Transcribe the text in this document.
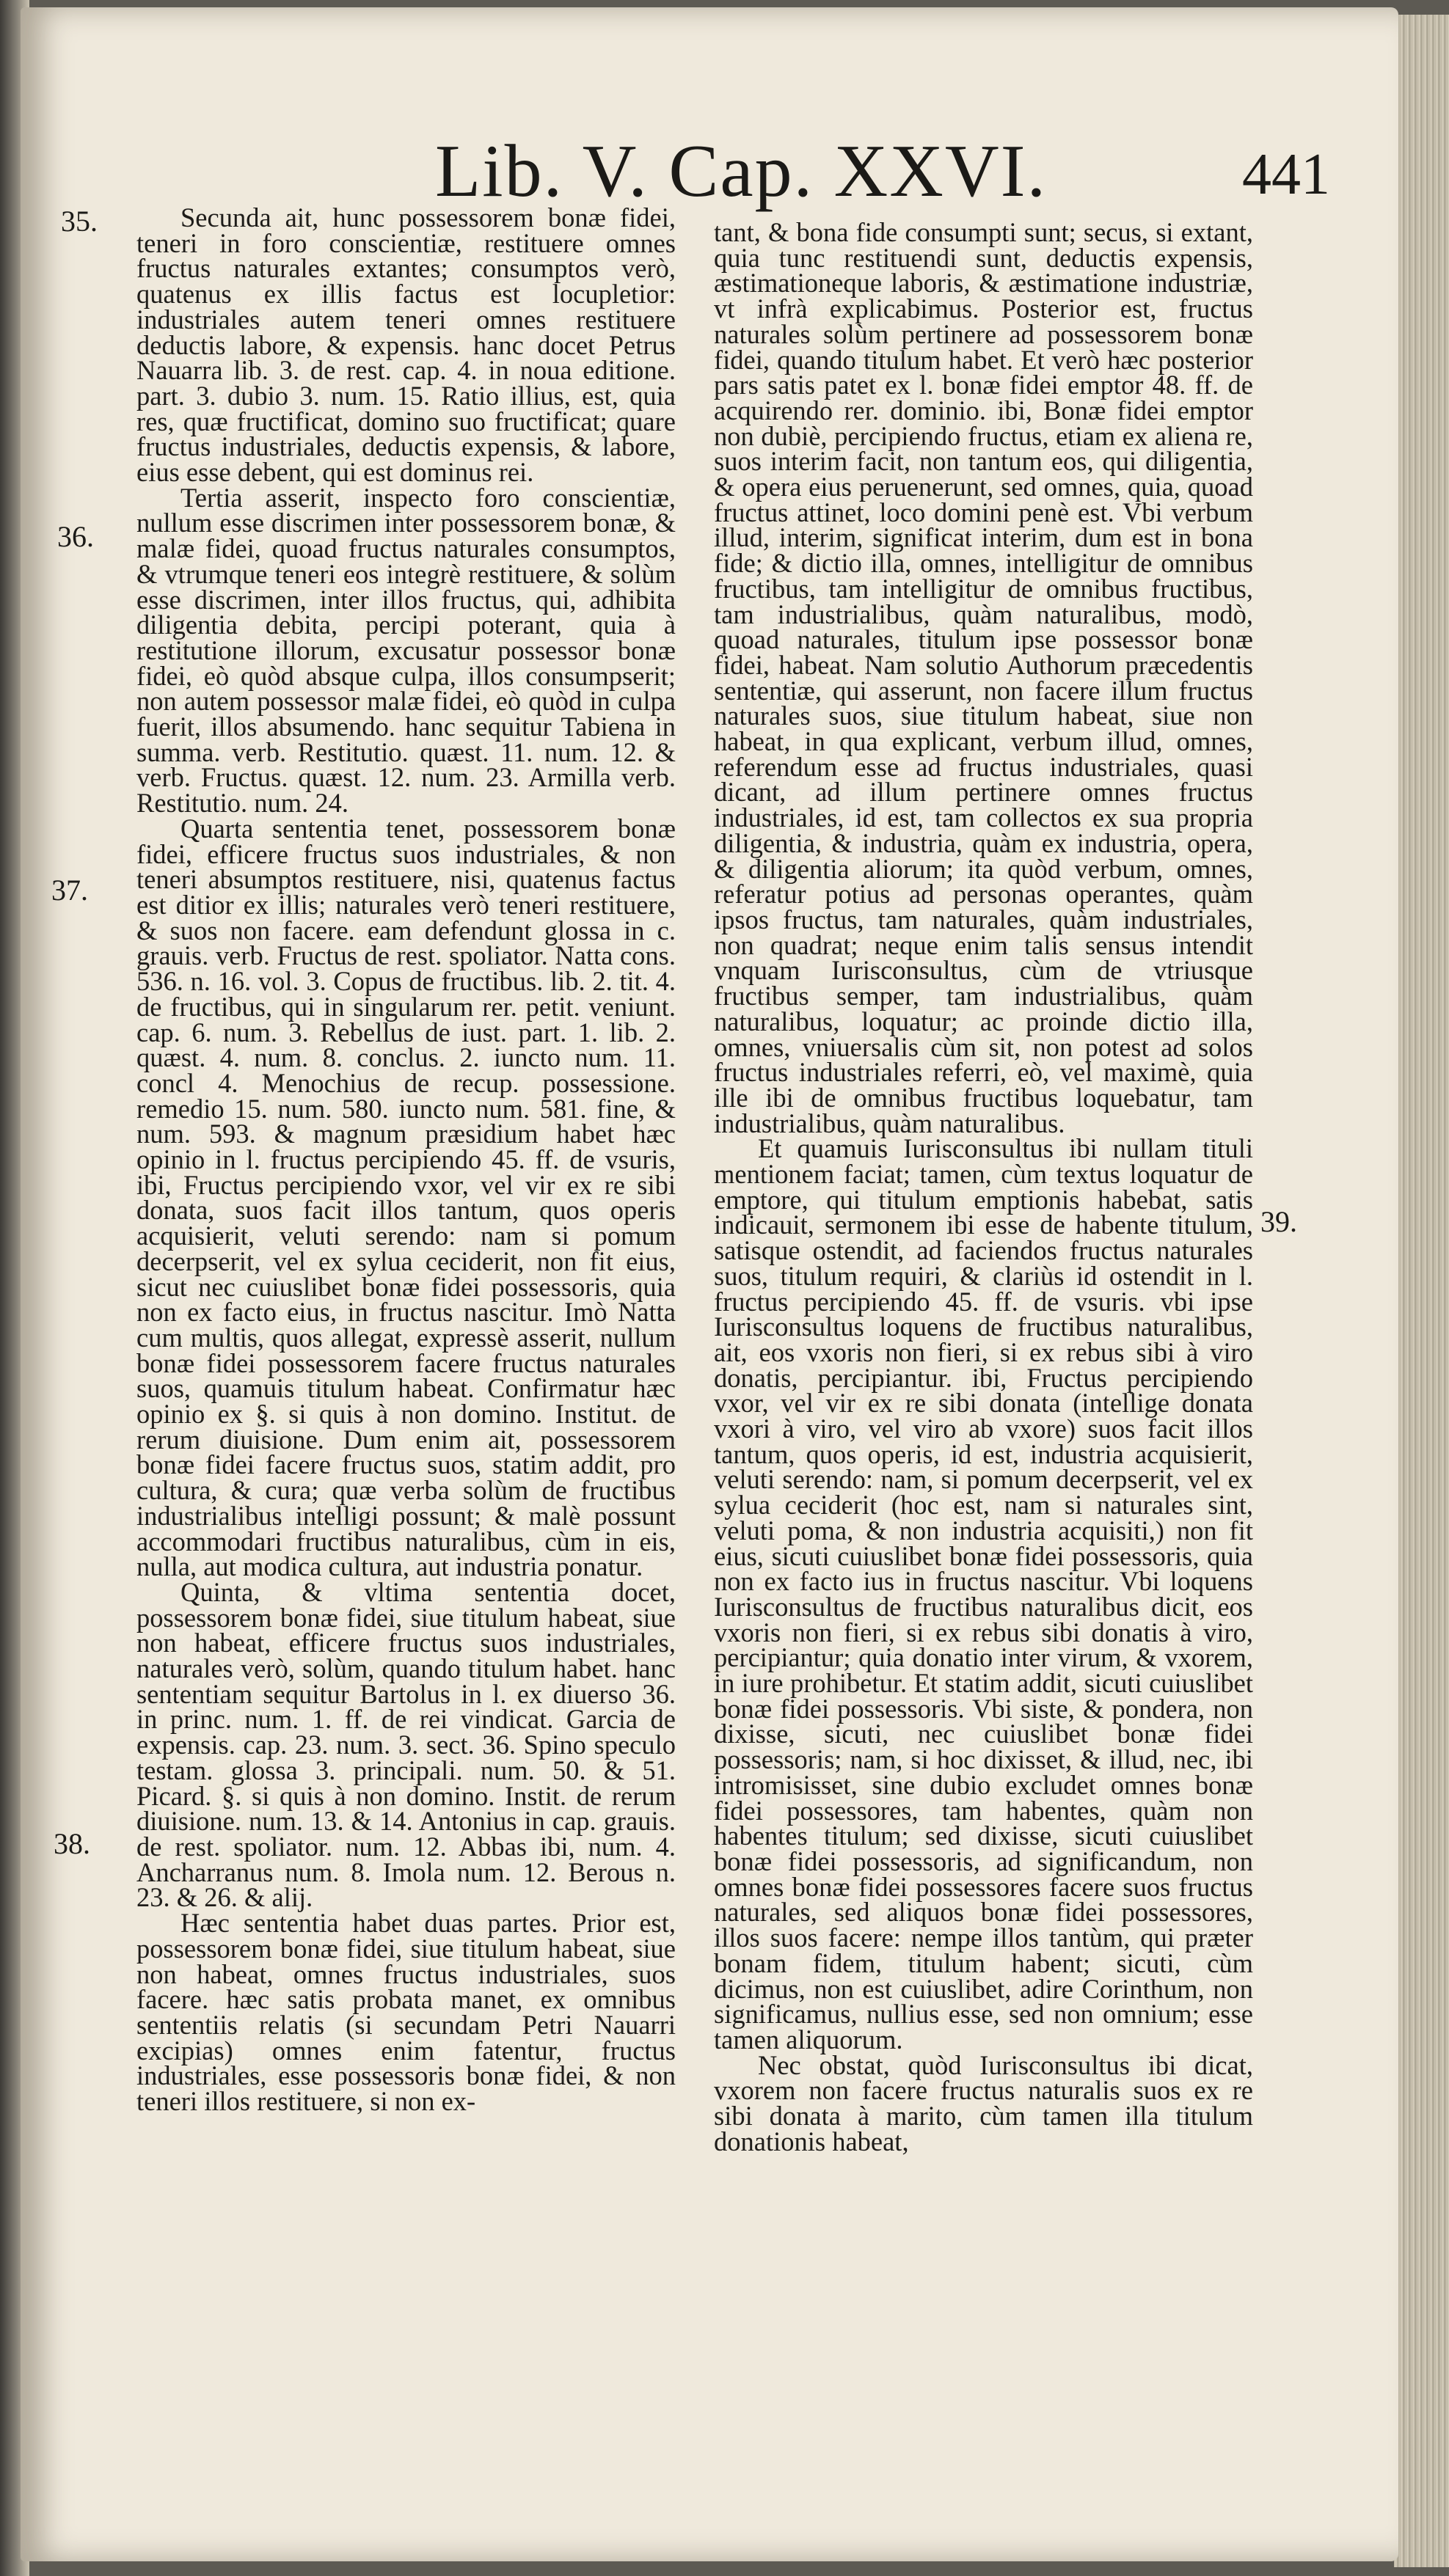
Lib. V. Cap. XXVI.	441
35.
36.
37.
38.
39.

Secunda ait, hunc possessorem bonæ fidei, teneri in foro conscientiæ, restituere omnes fructus naturales extantes; consumptos verò, quatenus ex illis factus est locupletior: industriales autem teneri omnes restituere deductis labore, & expensis. hanc docet Petrus Nauarra lib. 3. de rest. cap. 4. in noua editione. part. 3. dubio 3. num. 15. Ratio illius, est, quia res, quæ fructificat, domino suo fructificat; quare fructus industriales, deductis expensis, & labore, eius esse debent, qui est dominus rei.

Tertia asserit, inspecto foro conscientiæ, nullum esse discrimen inter possessorem bonæ, & malæ fidei, quoad fructus naturales consumptos, & vtrumque teneri eos integrè restituere, & solùm esse discrimen, inter illos fructus, qui, adhibita diligentia debita, percipi poterant, quia à restitutione illorum, excusatur possessor bonæ fidei, eò quòd absque culpa, illos consumpserit; non autem possessor malæ fidei, eò quòd in culpa fuerit, illos absumendo. hanc sequitur Tabiena in summa. verb. Restitutio. quæst. 11. num. 12. & verb. Fructus. quæst. 12. num. 23. Armilla verb. Restitutio. num. 24.

Quarta sententia tenet, possessorem bonæ fidei, efficere fructus suos industriales, & non teneri absumptos restituere, nisi, quatenus factus est ditior ex illis; naturales verò teneri restituere, & suos non facere. eam defendunt glossa in c. grauis. verb. Fructus de rest. spoliator. Natta cons. 536. n. 16. vol. 3. Copus de fructibus. lib. 2. tit. 4. de fructibus, qui in singularum rer. petit. veniunt. cap. 6. num. 3. Rebellus de iust. part. 1. lib. 2. quæst. 4. num. 8. conclus. 2. iuncto num. 11. concl 4. Menochius de recup. possessione. remedio 15. num. 580. iuncto num. 581. fine, & num. 593. & magnum præsidium habet hæc opinio in l. fructus percipiendo 45. ff. de vsuris, ibi, Fructus percipiendo vxor, vel vir ex re sibi donata, suos facit illos tantum, quos operis acquisierit, veluti serendo: nam si pomum decerpserit, vel ex sylua ceciderit, non fit eius, sicut nec cuiuslibet bonæ fidei possessoris, quia non ex facto eius, in fructus nascitur. Imò Natta cum multis, quos allegat, expressè asserit, nullum bonæ fidei possessorem facere fructus naturales suos, quamuis titulum habeat. Confirmatur hæc opinio ex §. si quis à non domino. Institut. de rerum diuisione. Dum enim ait, possessorem bonæ fidei facere fructus suos, statim addit, pro cultura, & cura; quæ verba solùm de fructibus industrialibus intelligi possunt; & malè possunt accommodari fructibus naturalibus, cùm in eis, nulla, aut modica cultura, aut industria ponatur.

Quinta, & vltima sententia docet, possessorem bonæ fidei, siue titulum habeat, siue non habeat, efficere fructus suos industriales, naturales verò, solùm, quando titulum habet. hanc sententiam sequitur Bartolus in l. ex diuerso 36. in princ. num. 1. ff. de rei vindicat. Garcia de expensis. cap. 23. num. 3. sect. 36. Spino speculo testam. glossa 3. principali. num. 50. & 51. Picard. §. si quis à non domino. Instit. de rerum diuisione. num. 13. & 14. Antonius in cap. grauis. de rest. spoliator. num. 12. Abbas ibi, num. 4. Ancharranus num. 8. Imola num. 12. Berous n. 23. & 26. & alij.

Hæc sententia habet duas partes. Prior est, possessorem bonæ fidei, siue titulum habeat, siue non habeat, omnes fructus industriales, suos facere. hæc satis probata manet, ex omnibus sententiis relatis (si secundam Petri Nauarri excipias) omnes enim fatentur, fructus industriales, esse possessoris bonæ fidei, & non teneri illos restituere, si non ex-

tant, & bona fide consumpti sunt; secus, si extant, quia tunc restituendi sunt, deductis expensis, æstimationeque laboris, & æstimatione industriæ, vt infrà explicabimus. Posterior est, fructus naturales solùm pertinere ad possessorem bonæ fidei, quando titulum habet. Et verò hæc posterior pars satis patet ex l. bonæ fidei emptor 48. ff. de acquirendo rer. dominio. ibi, Bonæ fidei emptor non dubiè, percipiendo fructus, etiam ex aliena re, suos interim facit, non tantum eos, qui diligentia, & opera eius peruenerunt, sed omnes, quia, quoad fructus attinet, loco domini penè est. Vbi verbum illud, interim, significat interim, dum est in bona fide; & dictio illa, omnes, intelligitur de omnibus fructibus, tam intelligitur de omnibus fructibus, tam industrialibus, quàm naturalibus, modò, quoad naturales, titulum ipse possessor bonæ fidei, habeat. Nam solutio Authorum præcedentis sententiæ, qui asserunt, non facere illum fructus naturales suos, siue titulum habeat, siue non habeat, in qua explicant, verbum illud, omnes, referendum esse ad fructus industriales, quasi dicant, ad illum pertinere omnes fructus industriales, id est, tam collectos ex sua propria diligentia, & industria, quàm ex industria, opera, & diligentia aliorum; ita quòd verbum, omnes, referatur potius ad personas operantes, quàm ipsos fructus, tam naturales, quàm industriales, non quadrat; neque enim talis sensus intendit vnquam Iurisconsultus, cùm de vtriusque fructibus semper, tam industrialibus, quàm naturalibus, loquatur; ac proinde dictio illa, omnes, vniuersalis cùm sit, non potest ad solos fructus industriales referri, eò, vel maximè, quia ille ibi de omnibus fructibus loquebatur, tam industrialibus, quàm naturalibus.

Et quamuis Iurisconsultus ibi nullam tituli mentionem faciat; tamen, cùm textus loquatur de emptore, qui titulum emptionis habebat, satis indicauit, sermonem ibi esse de habente titulum, satisque ostendit, ad faciendos fructus naturales suos, titulum requiri, & clariùs id ostendit in l. fructus percipiendo 45. ff. de vsuris. vbi ipse Iurisconsultus loquens de fructibus naturalibus, ait, eos vxoris non fieri, si ex rebus sibi à viro donatis, percipiantur. ibi, Fructus percipiendo vxor, vel vir ex re sibi donata (intellige donata vxori à viro, vel viro ab vxore) suos facit illos tantum, quos operis, id est, industria acquisierit, veluti serendo: nam, si pomum decerpserit, vel ex sylua ceciderit (hoc est, nam si naturales sint, veluti poma, & non industria acquisiti,) non fit eius, sicuti cuiuslibet bonæ fidei possessoris, quia non ex facto ius in fructus nascitur. Vbi loquens Iurisconsultus de fructibus naturalibus dicit, eos vxoris non fieri, si ex rebus sibi donatis à viro, percipiantur; quia donatio inter virum, & vxorem, in iure prohibetur. Et statim addit, sicuti cuiuslibet bonæ fidei possessoris. Vbi siste, & pondera, non dixisse, sicuti, nec cuiuslibet bonæ fidei possessoris; nam, si hoc dixisset, & illud, nec, ibi intromisisset, sine dubio excludet omnes bonæ fidei possessores, tam habentes, quàm non habentes titulum; sed dixisse, sicuti cuiuslibet bonæ fidei possessoris, ad significandum, non omnes bonæ fidei possessores facere suos fructus naturales, sed aliquos bonæ fidei possessores, illos suos facere: nempe illos tantùm, qui præter bonam fidem, titulum habent; sicuti, cùm dicimus, non est cuiuslibet, adire Corinthum, non significamus, nullius esse, sed non omnium; esse tamen aliquorum.

Nec obstat, quòd Iurisconsultus ibi dicat, vxorem non facere fructus naturalis suos ex re sibi donata à marito, cùm tamen illa titulum donationis habeat,
